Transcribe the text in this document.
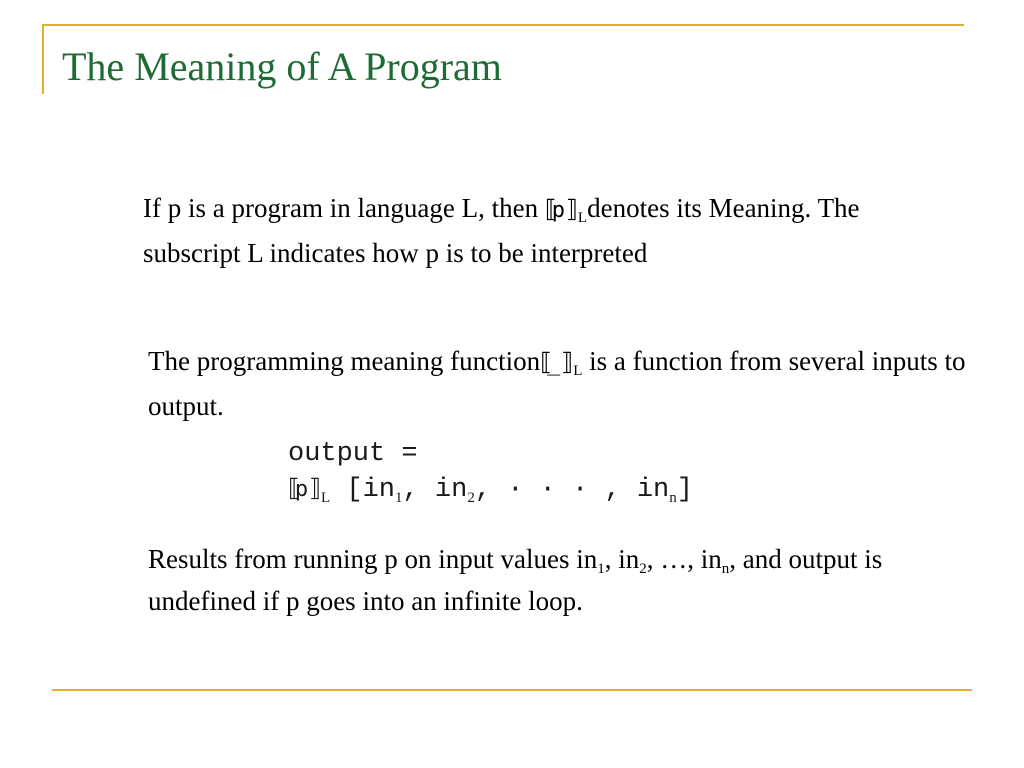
The Meaning of A Program

If p is a program in language L, then ⟦p⟧ $_L$denotes its Meaning. The subscript L indicates how p is to be interpreted

The programming meaning function⟦_⟧ $_L$ is a function from several inputs to output.

output =
⟦p⟧ $_L$ [$in_1$, $in_2$, · · · , $in_n$]

Results from running p on input values $in_1$, $in_2$, …, $in_n$, and output is undefined if p goes into an infinite loop.
